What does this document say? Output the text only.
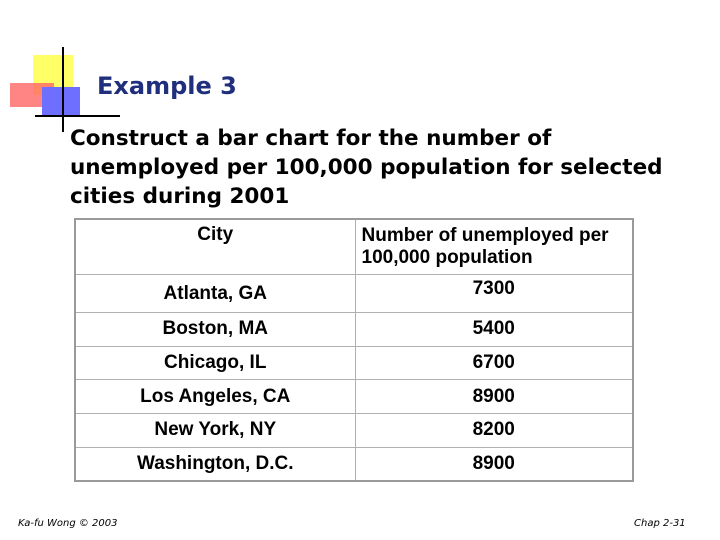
Example 3

Construct a bar chart for the number of unemployed per 100,000 population for selected cities during 2001

City	Number of unemployed per 100,000 population
Atlanta, GA	7300
Boston, MA	5400
Chicago, IL	6700
Los Angeles, CA	8900
New York, NY	8200
Washington, D.C.	8900
Ka-fu Wong © 2003	Chap 2-31
